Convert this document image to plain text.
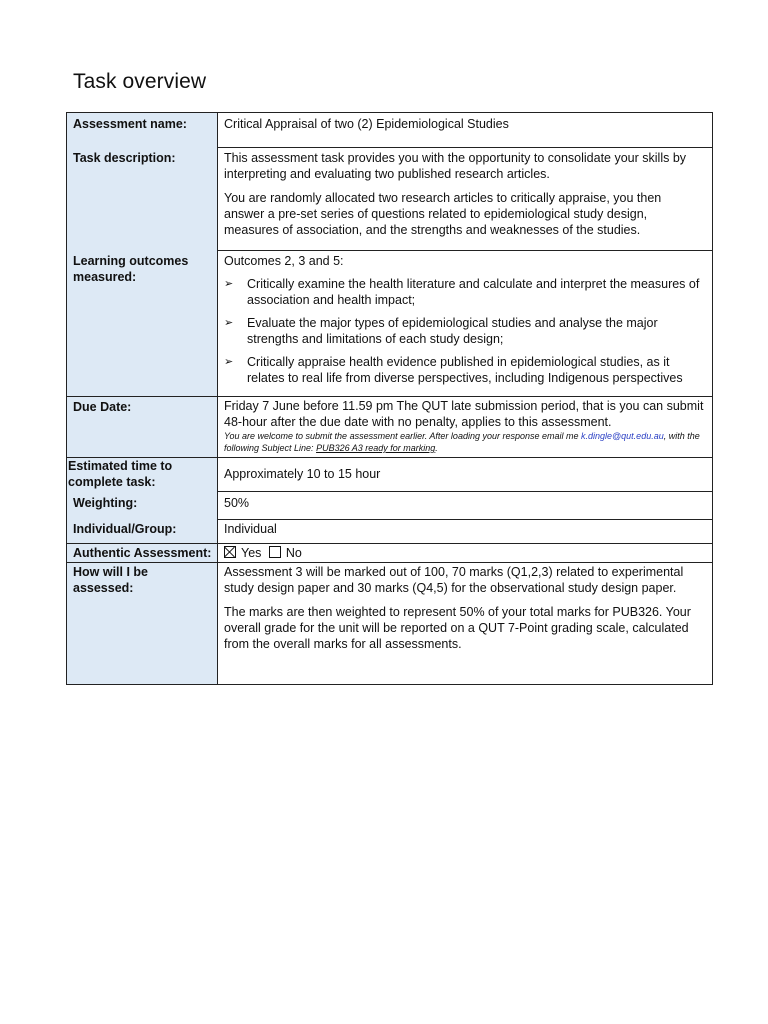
Task overview
Assessment name:	Critical Appraisal of two (2) Epidemiological Studies
Task description:	This assessment task provides you with the opportunity to consolidate your skills by interpreting and evaluating two published research articles.

You are randomly allocated two research articles to critically appraise, you then answer a pre-set series of questions related to epidemiological study design, measures of association, and the strengths and weaknesses of the studies.

Learning outcomes measured:

Outcomes 2, 3 and 5:

➢ Critically examine the health literature and calculate and interpret the measures of association and health impact;
➢ Evaluate the major types of epidemiological studies and analyse the major strengths and limitations of each study design;
➢ Critically appraise health evidence published in epidemiological studies, as it relates to real life from diverse perspectives, including Indigenous perspectives
Due Date:	Friday 7 June before 11.59 pm The QUT late submission period, that is you can submit 48-hour after the due date with no penalty, applies to this assessment.

You are welcome to submit the assessment earlier. After loading your response email me k.dingle@qut.edu.au, with the following Subject Line: PUB326 A3 ready for marking.

Estimated time to complete task:
Approximately 10 to 15 hour
Weighting:	50%
Individual/Group:	Individual
Authentic Assessment:	Yes No
How will I be assessed:

Assessment 3 will be marked out of 100, 70 marks (Q1,2,3) related to experimental study design paper and 30 marks (Q4,5) for the observational study design paper.

The marks are then weighted to represent 50% of your total marks for PUB326. Your overall grade for the unit will be reported on a QUT 7-Point grading scale, calculated from the overall marks for all assessments.
